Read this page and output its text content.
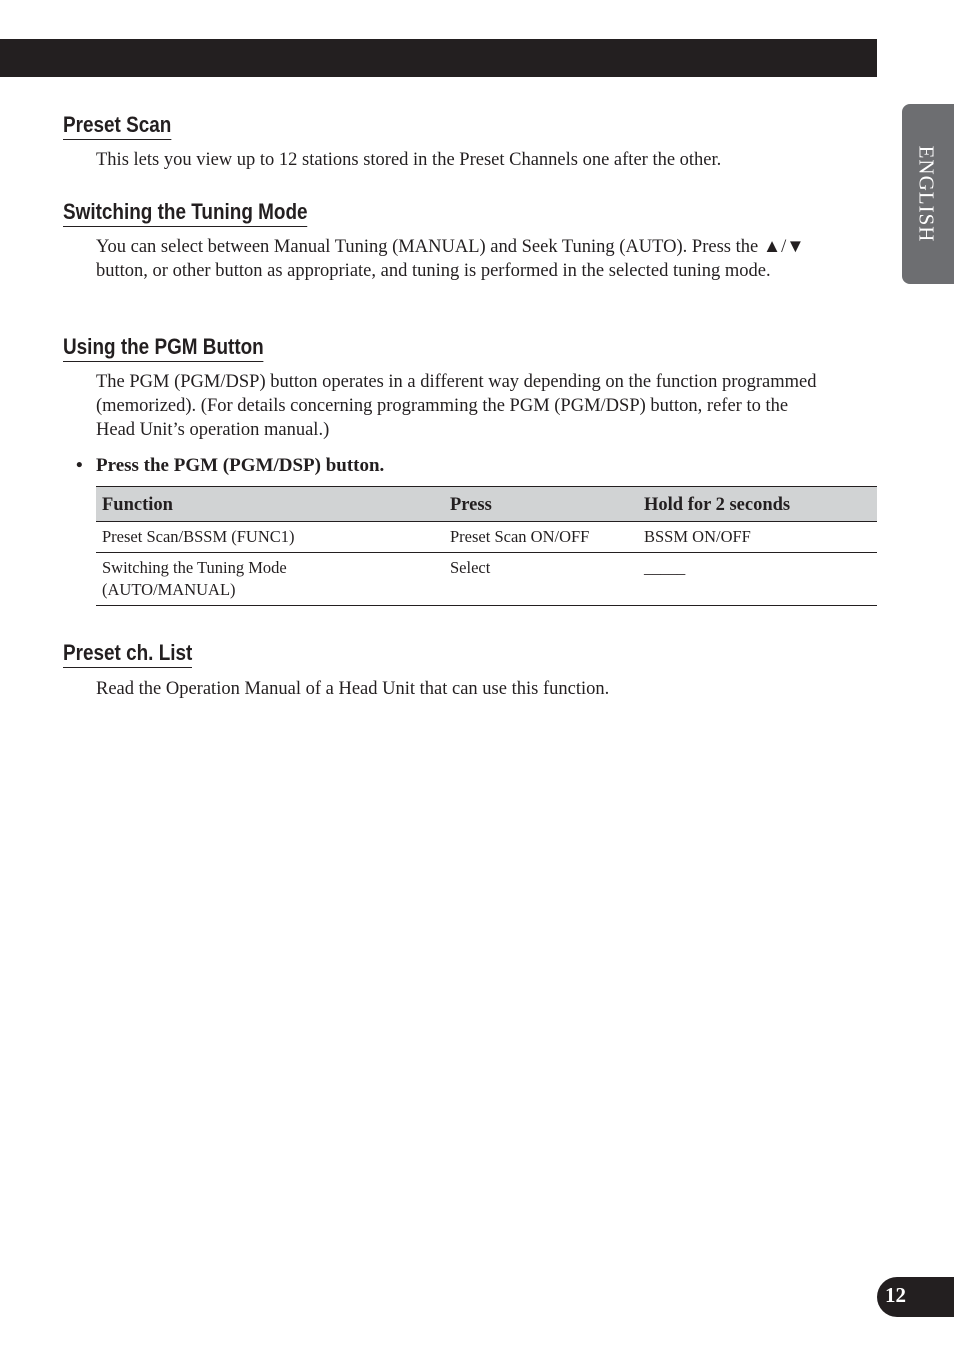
ENGLISH
Preset Scan

This lets you view up to 12 stations stored in the Preset Channels one after the other.

Switching the Tuning Mode

You can select between Manual Tuning (MANUAL) and Seek Tuning (AUTO). Press the ▲/▼ button, or other button as appropriate, and tuning is performed in the selected tuning mode.

Using the PGM Button

The PGM (PGM/DSP) button operates in a different way depending on the function programmed (memorized). (For details concerning programming the PGM (PGM/DSP) button, refer to the Head Unit’s operation manual.)

• Press the PGM (PGM/DSP) button.

Function	Press	Hold for 2 seconds
Preset Scan/BSSM (FUNC1)	Preset Scan ON/OFF	BSSM ON/OFF
Switching the Tuning Mode (AUTO/MANUAL)	Select	_____
Preset ch. List

Read the Operation Manual of a Head Unit that can use this function.

12
